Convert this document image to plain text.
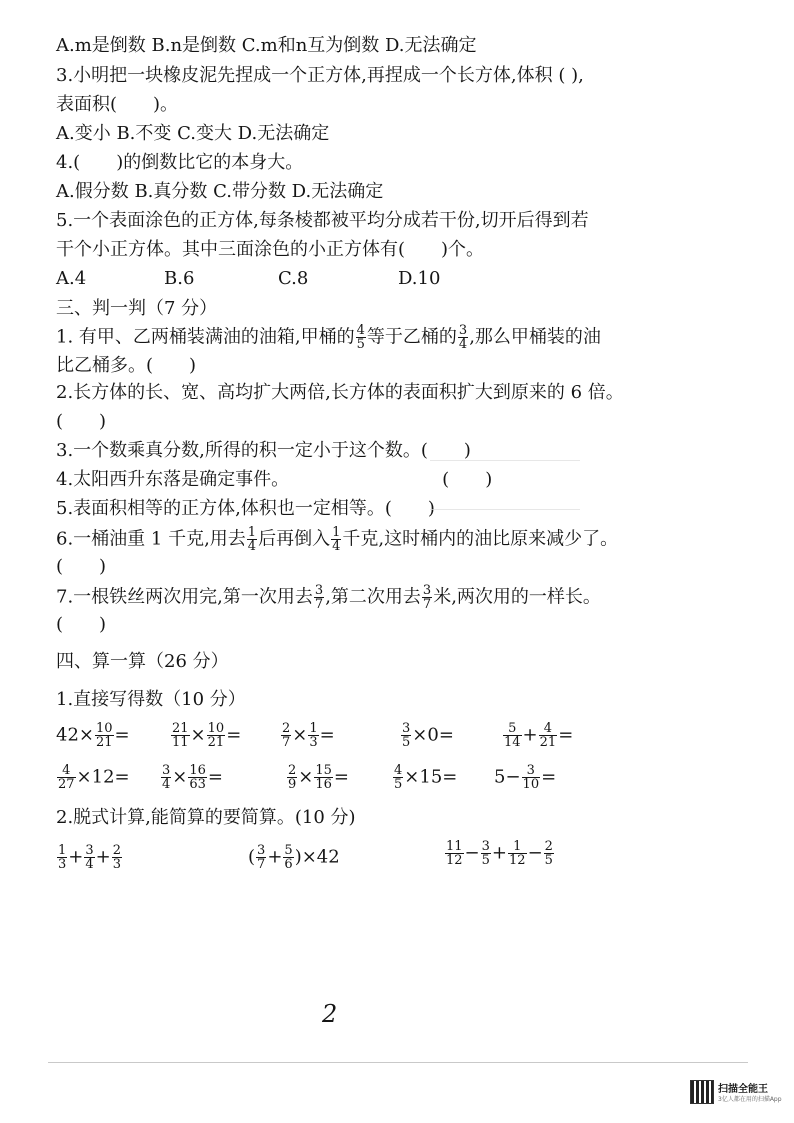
A.m是倒数 B.n是倒数 C.m和n互为倒数 D.无法确定
3.小明把一块橡皮泥先捏成一个正方体,再捏成一个长方体,体积 ( ),
表面积(　　)。
A.变小 B.不变 C.变大 D.无法确定
4.(　　)的倒数比它的本身大。
A.假分数 B.真分数 C.带分数 D.无法确定
5.一个表面涂色的正方体,每条棱都被平均分成若干份,切开后得到若
干个小正方体。其中三面涂色的小正方体有(　　)个。
A.4	B.6	C.8	D.10
三、判一判（7 分）
1. 有甲、乙两桶装满油的油箱,甲桶的 $\frac{4}{5}$ 等于乙桶的 $\frac{3}{4}$ ,那么甲桶装的油
比乙桶多。(　　)
2.长方体的长、宽、高均扩大两倍,长方体的表面积扩大到原来的 6 倍。
(　　)
3.一个数乘真分数,所得的积一定小于这个数。(　　)
4.太阳西升东落是确定事件。　　　　　　　　　(　　)
5.表面积相等的正方体,体积也一定相等。(　　)
6.一桶油重 1 千克,用去 $\frac{1}{4}$ 后再倒入 $\frac{1}{4}$ 千克,这时桶内的油比原来减少了。
(　　)
7.一根铁丝两次用完,第一次用去 $\frac{3}{7}$ ,第二次用去 $\frac{3}{7}$ 米,两次用的一样长。
(　　)
四、算一算（26 分）
1.直接写得数（10 分）
$42\times \frac{10}{21}$ =	$\frac{21}{11} \times \frac{10}{21}$ =	$\frac{2}{7} \times \frac{1}{3}$ =	$\frac{3}{5} \times 0=$	$\frac{5}{14} + \frac{4}{21}$ =
$\frac{4}{27} \times 12= \frac{3}{4} \times \frac{16}{63}$ =	$\frac{2}{9} \times \frac{15}{16}$ =	$\frac{4}{5} \times 15= 5- \frac{3}{10}$ =
2.脱式计算,能简算的要简算。(10 分)
$\frac{1}{3} + \frac{3}{4} + \frac{2}{3}$	( $\frac{3}{7} + \frac{5}{6} )\times 42$	$\frac{11}{12} - \frac{3}{5} + \frac{1}{12} - \frac{2}{5}$
2
扫描全能王
3亿人都在用的扫描App
